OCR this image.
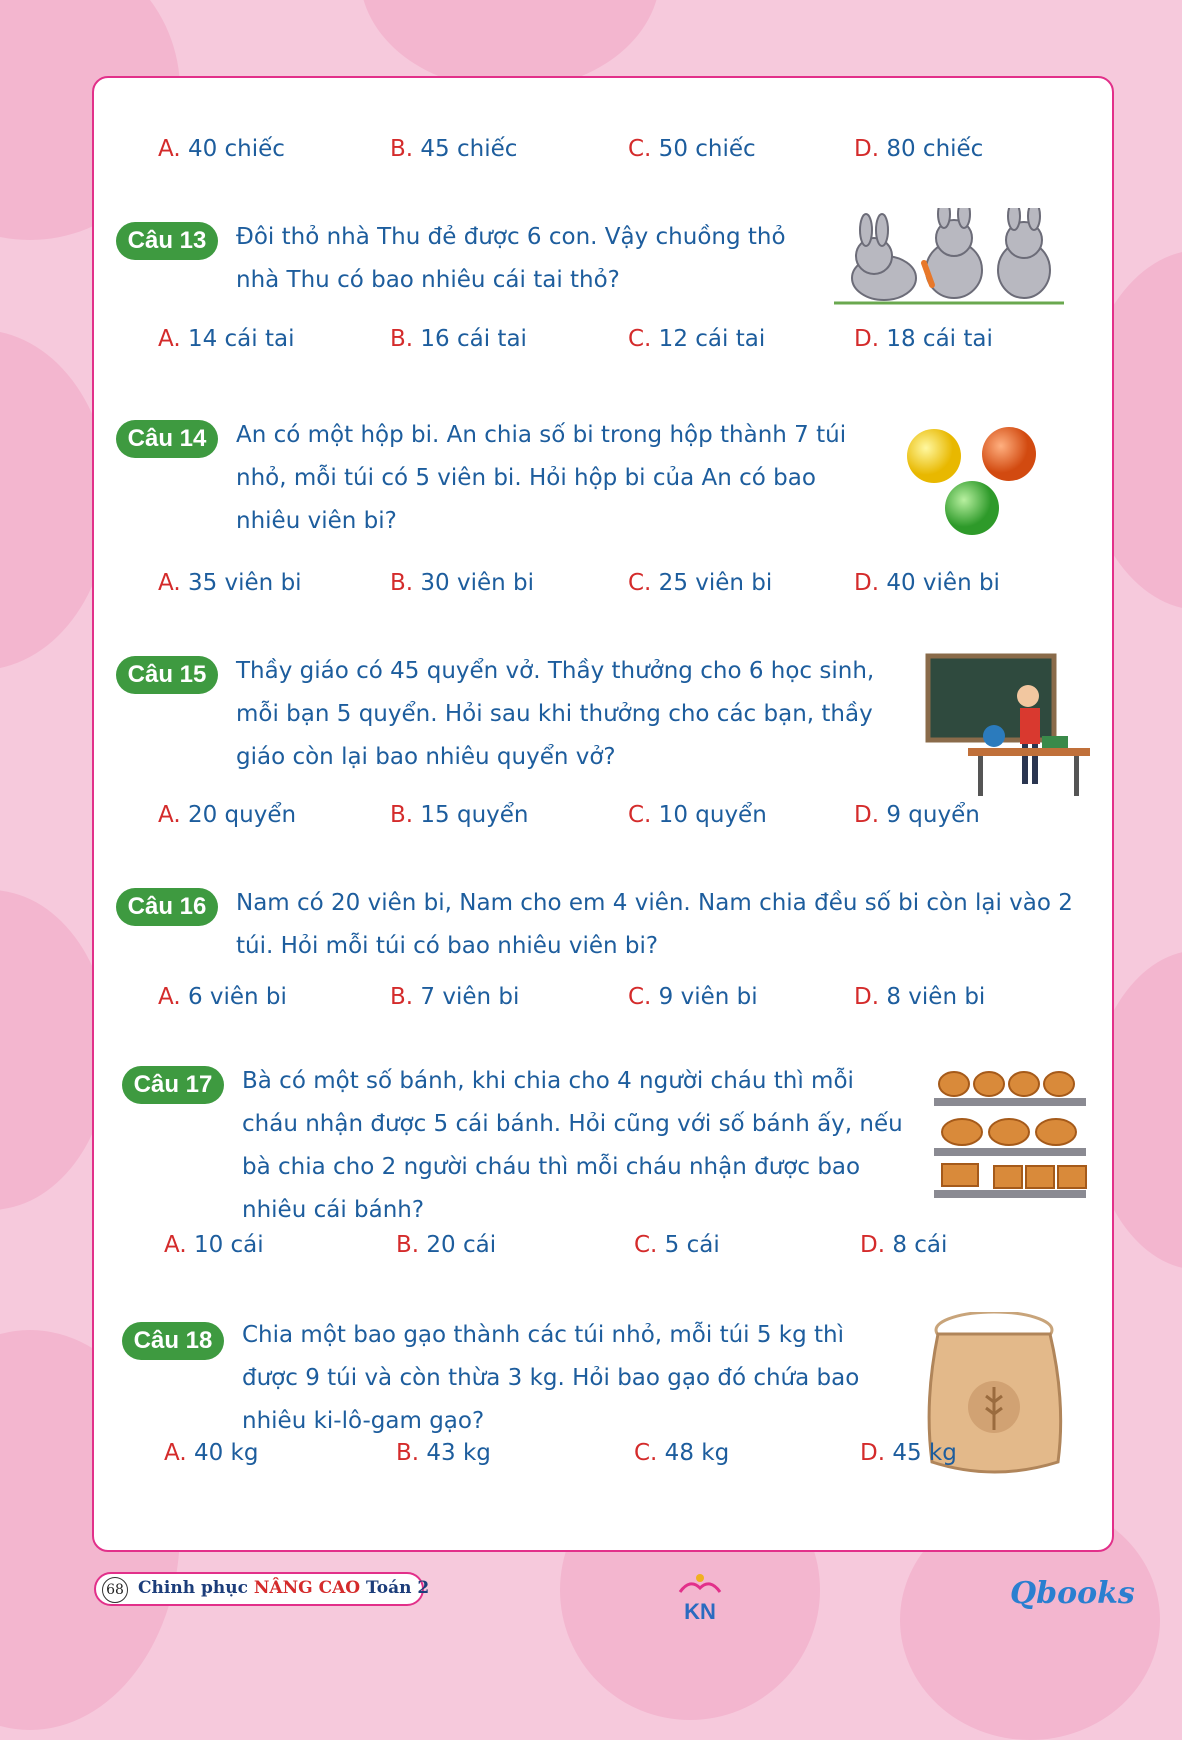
A. 40 chiếc	B. 45 chiếc	C. 50 chiếc	D. 80 chiếc
Câu 13	Đôi thỏ nhà Thu đẻ được 6 con. Vậy chuồng thỏ
nhà Thu có bao nhiêu cái tai thỏ?
A. 14 cái tai	B. 16 cái tai	C. 12 cái tai	D. 18 cái tai
Câu 14	An có một hộp bi. An chia số bi trong hộp thành 7 túi
nhỏ, mỗi túi có 5 viên bi. Hỏi hộp bi của An có bao
nhiêu viên bi?
A. 35 viên bi	B. 30 viên bi	C. 25 viên bi	D. 40 viên bi
Câu 15	Thầy giáo có 45 quyển vở. Thầy thưởng cho 6 học sinh,
mỗi bạn 5 quyển. Hỏi sau khi thưởng cho các bạn, thầy
giáo còn lại bao nhiêu quyển vở?
A. 20 quyển	B. 15 quyển	C. 10 quyển	D. 9 quyển
Câu 16	Nam có 20 viên bi, Nam cho em 4 viên. Nam chia đều số bi còn lại vào 2
túi. Hỏi mỗi túi có bao nhiêu viên bi?
A. 6 viên bi	B. 7 viên bi	C. 9 viên bi	D. 8 viên bi
Câu 17	Bà có một số bánh, khi chia cho 4 người cháu thì mỗi
cháu nhận được 5 cái bánh. Hỏi cũng với số bánh ấy, nếu
bà chia cho 2 người cháu thì mỗi cháu nhận được bao
nhiêu cái bánh?
A. 10 cái	B. 20 cái	C. 5 cái	D. 8 cái
Câu 18	Chia một bao gạo thành các túi nhỏ, mỗi túi 5 kg thì
được 9 túi và còn thừa 3 kg. Hỏi bao gạo đó chứa bao
nhiêu ki-lô-gam gạo?
A. 40 kg	B. 43 kg	C. 48 kg	D. 45 kg
68 Chinh phục NÂNG CAO Toán 2
KN
Qbooks
